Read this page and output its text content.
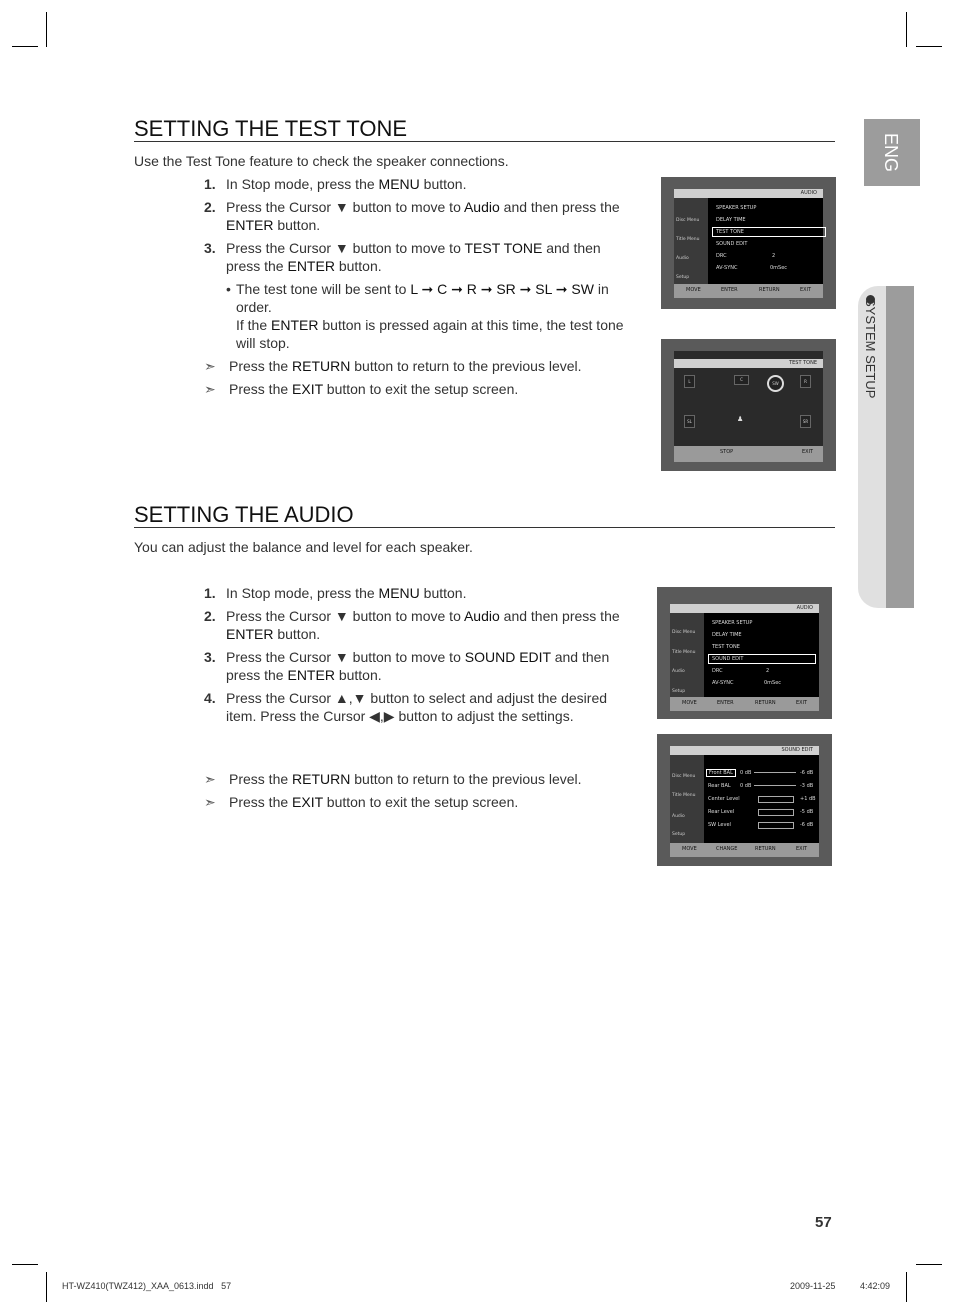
ENG
SYSTEM SETUP
SETTING THE TEST TONE
Use the Test Tone feature to check the speaker connections.
1. In Stop mode, press the MENU button.
2. Press the Cursor ▼ button to move to Audio and then press the ENTER button.
3. Press the Cursor ▼ button to move to TEST TONE and then press the ENTER button.
• The test tone will be sent to L ➞ C ➞ R ➞ SR ➞ SL ➞ SW in order.
If the ENTER button is pressed again at this time, the test tone will stop.
➣ Press the RETURN button to return to the previous level.
➣ Press the EXIT button to exit the setup screen.
AUDIO
Disc Menu
Title Menu
Audio
Setup
SPEAKER SETUP
DELAY TIME
TEST TONE
SOUND EDIT
DRC	2
AV-SYNC	0mSec
MOVE	ENTER	RETURN	EXIT
TEST TONE
L	C	R
SW
SL	SR
♟
STOP	EXIT
SETTING THE AUDIO
You can adjust the balance and level for each speaker.
1. In Stop mode, press the MENU button.
2. Press the Cursor ▼ button to move to Audio and then press the ENTER button.
3. Press the Cursor ▼ button to move to SOUND EDIT and then press the ENTER button.
4. Press the Cursor ▲,▼ button to select and adjust the desired item. Press the Cursor ◀,▶ button to adjust the settings.
➣ Press the RETURN button to return to the previous level.
➣ Press the EXIT button to exit the setup screen.
AUDIO
Disc Menu
Title Menu
Audio
Setup
SPEAKER SETUP
DELAY TIME
TEST TONE
SOUND EDIT
DRC	2
AV-SYNC	0mSec
MOVE	ENTER	RETURN	EXIT
SOUND EDIT
Disc Menu
Title Menu
Audio
Setup
Front BAL	0 dB	-6 dB
Rear BAL 0 dB	-3 dB
Center Level	+1 dB
Rear Level	-5 dB
SW Level	-6 dB
MOVE	CHANGE	RETURN	EXIT
57
HT-WZ410(TWZ412)_XAA_0613.indd   57	2009-11-25	4:42:09
